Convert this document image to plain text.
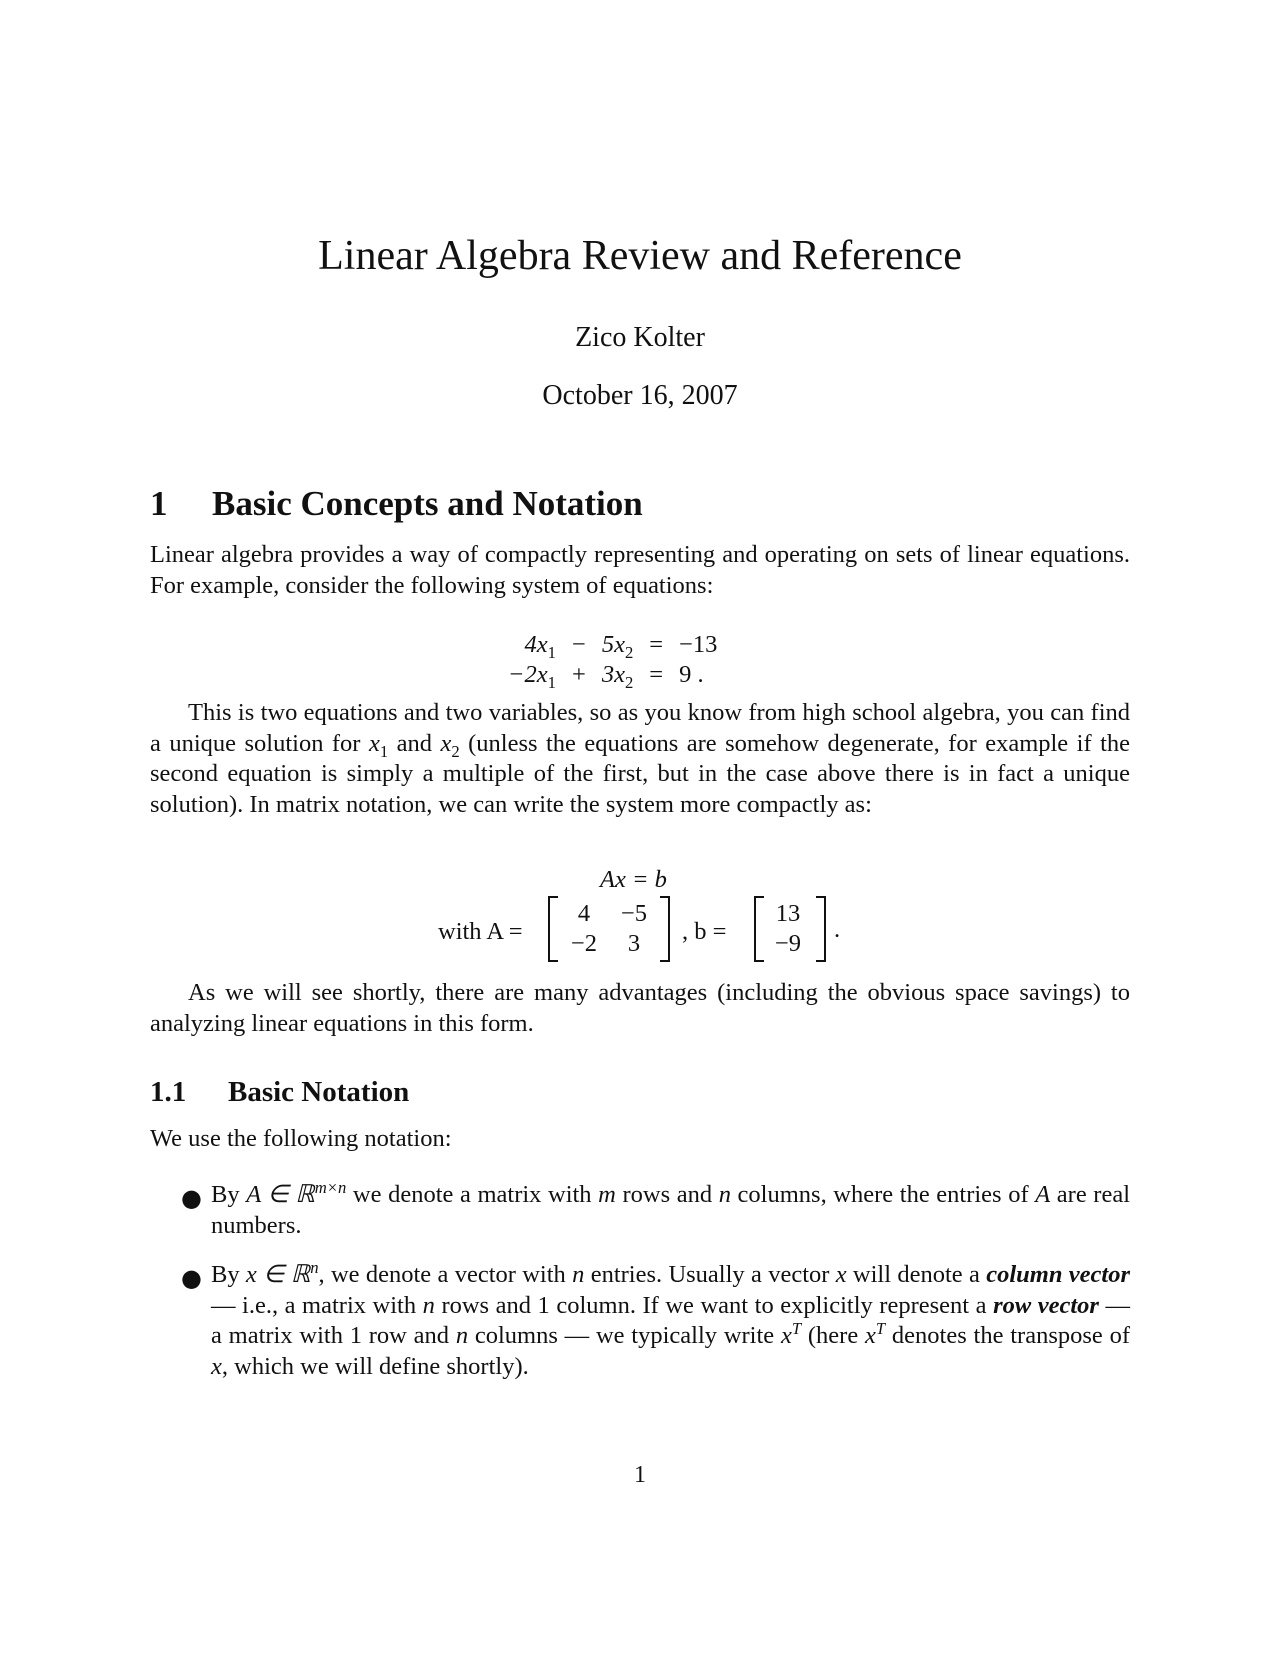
Linear Algebra Review and Reference
Zico Kolter
October 16, 2007
1 Basic Concepts and Notation
Linear algebra provides a way of compactly representing and operating on sets of linear equations. For example, consider the following system of equations:
$4x_1$	−	$5x_2$	=	−13
$-2x_1$	+	$3x_2$	=	9 .
This is two equations and two variables, so as you know from high school algebra, you can find a unique solution for $x_1$ and $x_2$ (unless the equations are somehow degenerate, for example if the second equation is simply a multiple of the first, but in the case above there is in fact a unique solution). In matrix notation, we can write the system more compactly as:
Ax = b
with A =
4	−5
−2	3	, b =
13
−9
.
As we will see shortly, there are many advantages (including the obvious space savings) to analyzing linear equations in this form.
1.1 Basic Notation
We use the following notation:
● By A ∈ ℝ$^{m\times n}$ we denote a matrix with m rows and n columns, where the entries of A are real numbers.
● By x ∈ ℝ$^n$, we denote a vector with n entries. Usually a vector x will denote a column vector — i.e., a matrix with n rows and 1 column. If we want to explicitly represent a row vector — a matrix with 1 row and n columns — we typically write $x^T$ (here $x^T$ denotes the transpose of x, which we will define shortly).
1
